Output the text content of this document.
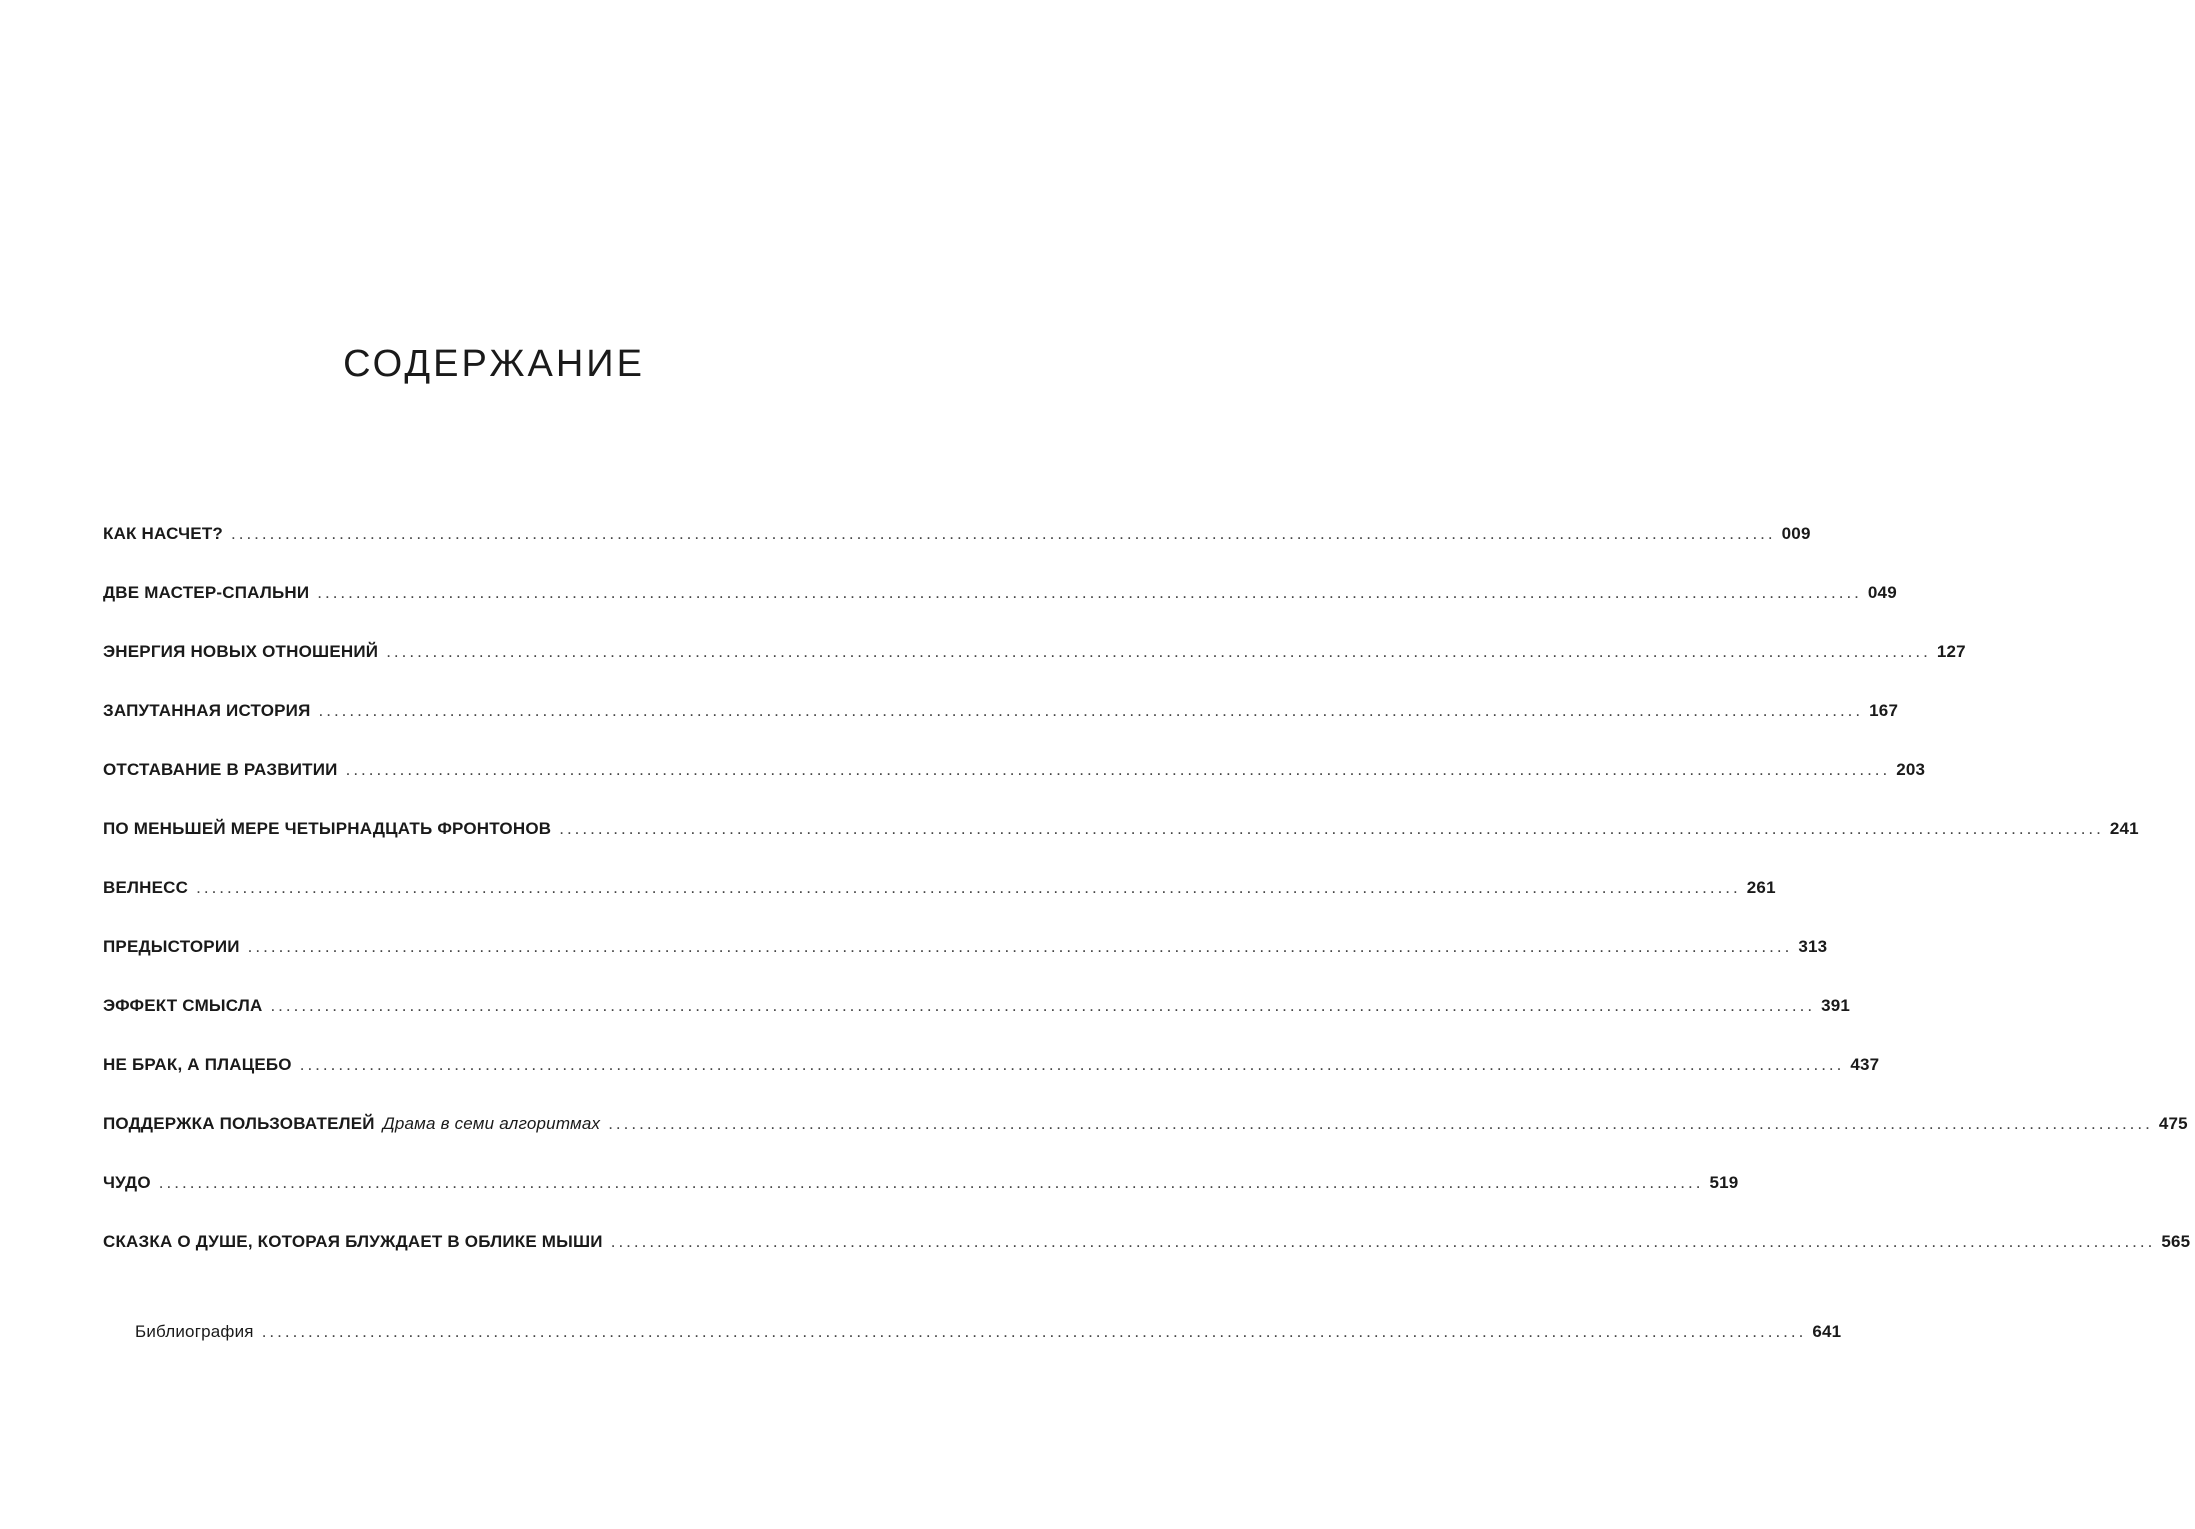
СОДЕРЖАНИЕ
КАК НАСЧЕТ? ........................................................................................................................................................................................................ 009
ДВЕ МАСТЕР-СПАЛЬНИ ........................................................................................................................................................................................................ 049
ЭНЕРГИЯ НОВЫХ ОТНОШЕНИЙ ........................................................................................................................................................................................................ 127
ЗАПУТАННАЯ ИСТОРИЯ ........................................................................................................................................................................................................ 167
ОТСТАВАНИЕ В РАЗВИТИИ ........................................................................................................................................................................................................ 203
ПО МЕНЬШЕЙ МЕРЕ ЧЕТЫРНАДЦАТЬ ФРОНТОНОВ ........................................................................................................................................................................................................ 241
ВЕЛНЕСС ........................................................................................................................................................................................................ 261
ПРЕДЫСТОРИИ ........................................................................................................................................................................................................ 313
ЭФФЕКТ СМЫСЛА ........................................................................................................................................................................................................ 391
НЕ БРАК, А ПЛАЦЕБО ........................................................................................................................................................................................................ 437
ПОДДЕРЖКА ПОЛЬЗОВАТЕЛЕЙ Драма в семи алгоритмах ........................................................................................................................................................................................................ 475
ЧУДО ........................................................................................................................................................................................................ 519
СКАЗКА О ДУШЕ, КОТОРАЯ БЛУЖДАЕТ В ОБЛИКЕ МЫШИ ........................................................................................................................................................................................................ 565
Библиография ........................................................................................................................................................................................................ 641
